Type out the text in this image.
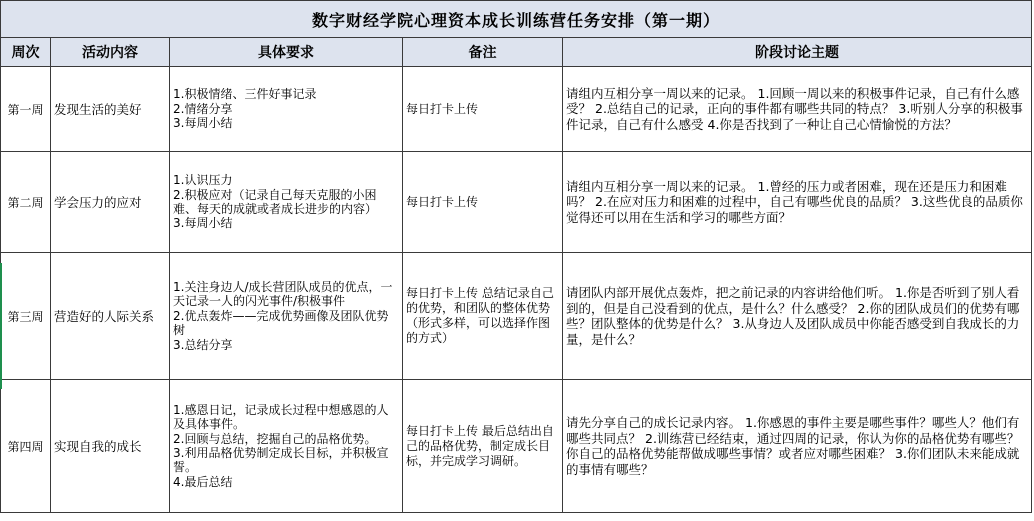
数字财经学院心理资本成长训练营任务安排（第一期）				
周次	活动内容	具体要求	备注	阶段讨论主题
第一周	发现生活的美好	1.积极情绪、三件好事记录
2.情绪分享
3.每周小结	每日打卡上传	请组内互相分享一周以来的记录。 1.回顾一周以来的积极事件记录，自己有什么感受？ 2.总结自己的记录，正向的事件都有哪些共同的特点？ 3.听别人分享的积极事件记录，自己有什么感受 4.你是否找到了一种让自己心情愉悦的方法？
第二周	学会压力的应对	1.认识压力
2.积极应对（记录自己每天克服的小困难、每天的成就或者成长进步的内容）
3.每周小结	每日打卡上传	请组内互相分享一周以来的记录。 1.曾经的压力或者困难，现在还是压力和困难吗？ 2.在应对压力和困难的过程中，自己有哪些优良的品质？ 3.这些优良的品质你觉得还可以用在生活和学习的哪些方面？
第三周	营造好的人际关系	1.关注身边人/成长营团队成员的优点，一天记录一人的闪光事件/积极事件
2.优点轰炸——完成优势画像及团队优势树
3.总结分享	每日打卡上传 总结记录自己的优势，和团队的整体优势（形式多样，可以选择作图的方式）	请团队内部开展优点轰炸，把之前记录的内容讲给他们听。 1.你是否听到了别人看到的，但是自己没看到的优点，是什么？什么感受？ 2.你的团队成员们的优势有哪些？团队整体的优势是什么？ 3.从身边人及团队成员中你能否感受到自我成长的力量，是什么？
第四周	实现自我的成长	1.感恩日记，记录成长过程中想感恩的人及具体事件。
2.回顾与总结，挖掘自己的品格优势。
3.利用品格优势制定成长目标，并积极宣誓。
4.最后总结	每日打卡上传 最后总结出自己的品格优势，制定成长目标，并完成学习调研。	请先分享自己的成长记录内容。 1.你感恩的事件主要是哪些事件？哪些人？他们有哪些共同点？ 2.训练营已经结束，通过四周的记录，你认为你的品格优势有哪些？你自己的品格优势能帮做成哪些事情？或者应对哪些困难？ 3.你们团队未来能成就的事情有哪些？
